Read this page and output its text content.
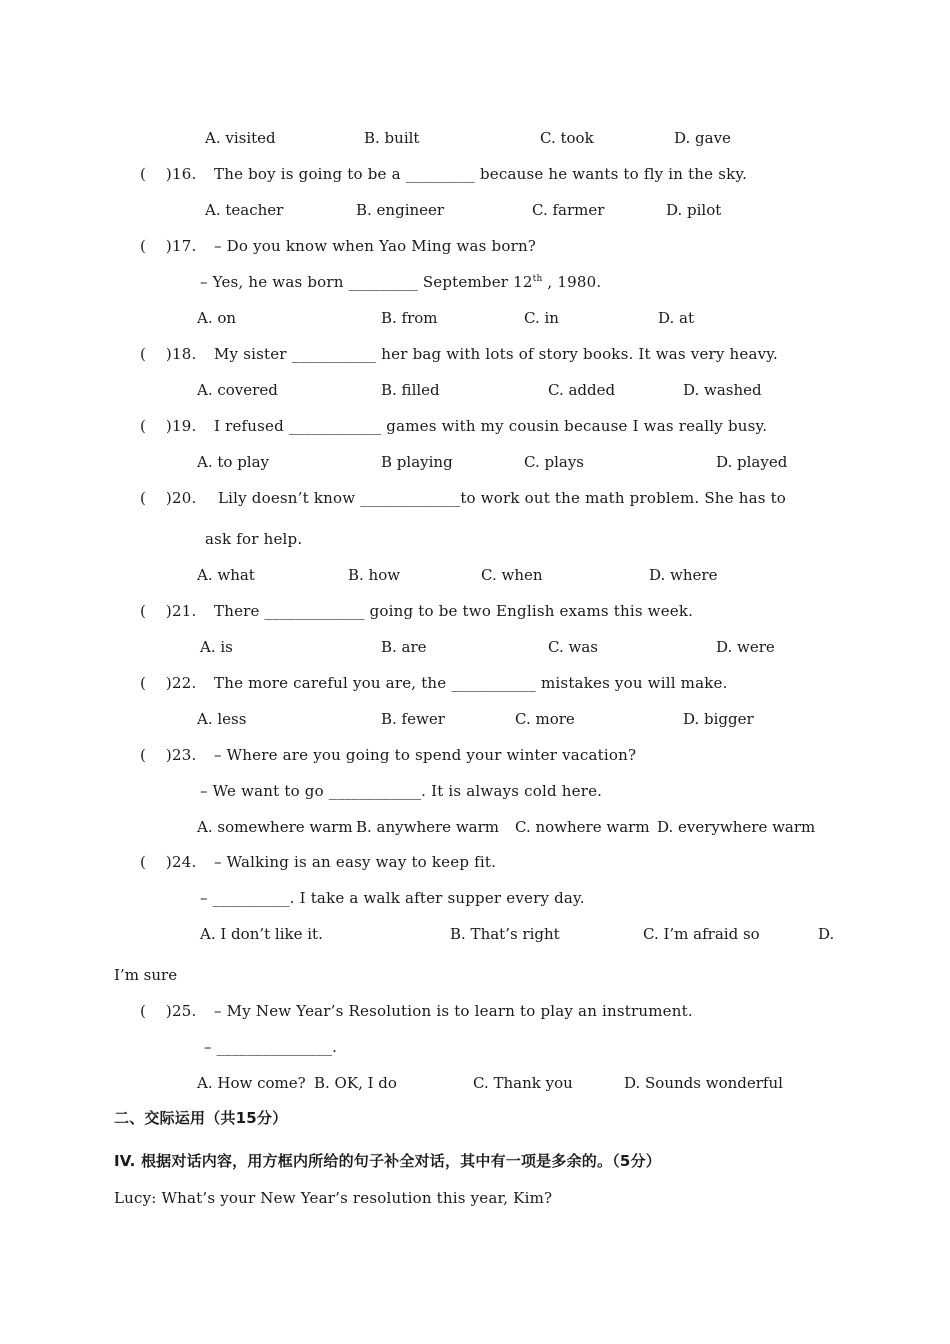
A. visited	B. built	C. took	D. gave
(    )16. The boy is going to be a _________ because he wants to fly in the sky.
A. teacher	B. engineer	C. farmer	D. pilot
(    )17. – Do you know when Yao Ming was born?
– Yes, he was born _________ September 12th , 1980.
A. on	B. from	C. in	D. at
(    )18. My sister ___________ her bag with lots of story books. It was very heavy.
A. covered	B. filled	C. added	D. washed
(    )19. I refused ____________ games with my cousin because I was really busy.
A. to play	B playing	C. plays	D. played
(    )20. Lily doesn’t know _____________to work out the math problem. She has to
ask for help.
A. what	B. how	C. when	D. where
(    )21. There _____________ going to be two English exams this week.
A. is	B. are	C. was	D. were
(    )22. The more careful you are, the ___________ mistakes you will make.
A. less	B. fewer	C. more	D. bigger
(    )23. – Where are you going to spend your winter vacation?
– We want to go ____________. It is always cold here.
A. somewhere warm B. anywhere warm C. nowhere warm D. everywhere warm
(    )24. – Walking is an easy way to keep fit.
– __________. I take a walk after supper every day.
A. I don’t like it.	B. That’s right	C. I’m afraid so	D.
I’m sure
(    )25. – My New Year’s Resolution is to learn to play an instrument.
– _______________.
A. How come? B. OK, I do	C. Thank you	D. Sounds wonderful
二、交际运用（共15分）
IV. 根据对话内容，用方框内所给的句子补全对话，其中有一项是多余的。（5分）
Lucy: What’s your New Year’s resolution this year, Kim?
